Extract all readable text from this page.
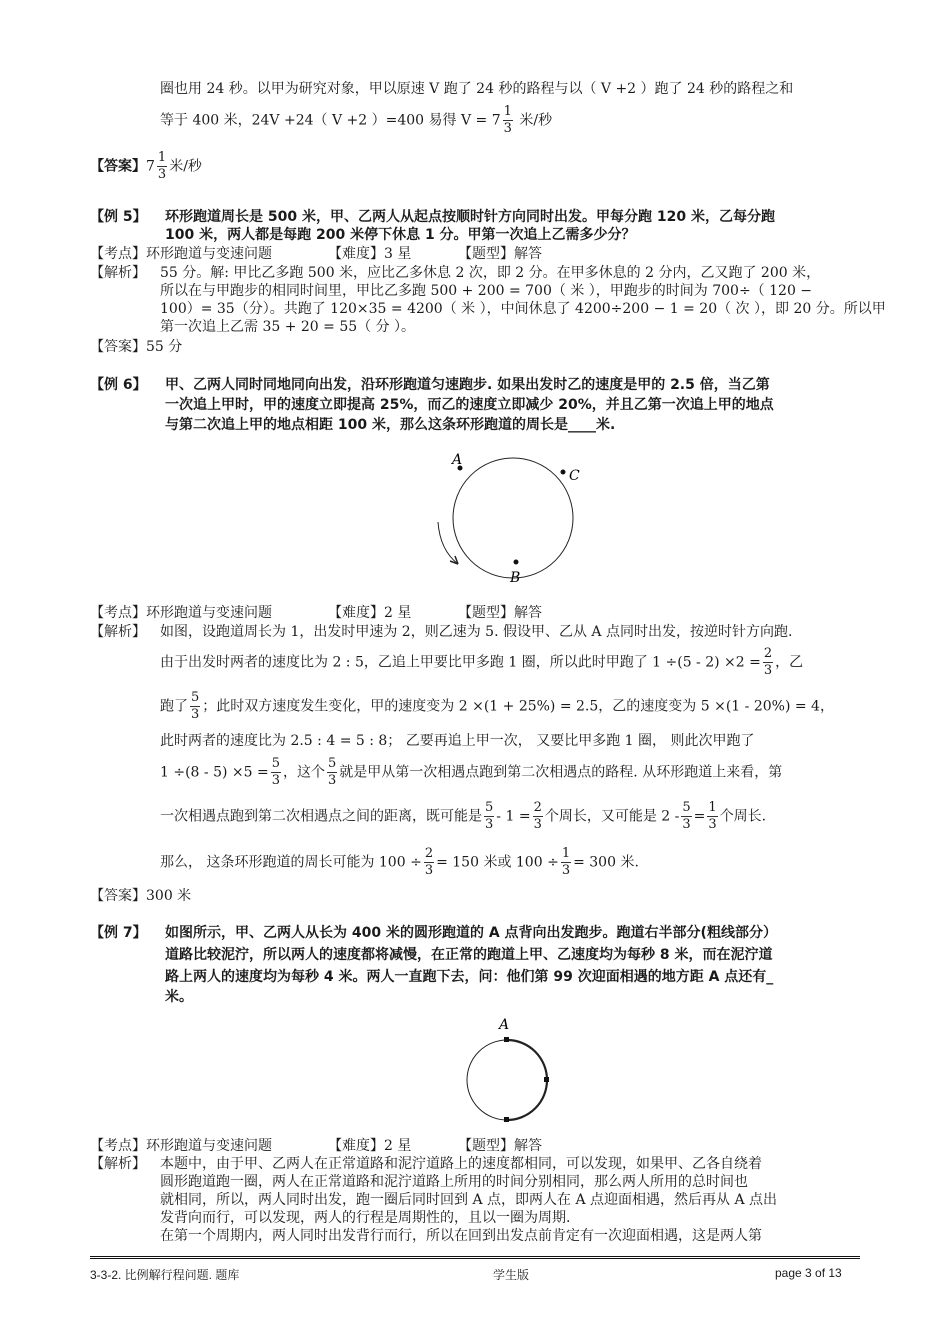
圈也用 24 秒。以甲为研究对象，甲以原速 V 跑了 24 秒的路程与以（ V +2 ）跑了 24 秒的路程之和
等于 400 米，24V +24（ V +2 ）=400 易得 $V = 7 \frac{1}{3}$ 米/秒
【答案】$7 \frac{1}{3}$ 米/秒
【例 5】 环形跑道周长是 500 米，甲、乙两人从起点按顺时针方向同时出发。甲每分跑 120 米，乙每分跑
100 米，两人都是每跑 200 米停下休息 1 分。甲第一次追上乙需多少分？
【考点】环形跑道与变速问题	【难度】3 星	【题型】解答
【解析】 55 分。解: 甲比乙多跑 500 米，应比乙多休息 2 次，即 2 分。在甲多休息的 2 分内，乙又跑了 200 米，
所以在与甲跑步的相同时间里，甲比乙多跑 500 + 200 = 700（ 米 ），甲跑步的时间为 700÷（ 120 −
100）= 35（分）。共跑了 120×35 = 4200（ 米 ），中间休息了 4200÷200 − 1 = 20（ 次 ），即 20 分。所以甲
第一次追上乙需 35 + 20 = 55（ 分 ）。
【答案】55 分
【例 6】 甲、乙两人同时同地同向出发，沿环形跑道匀速跑步. 如果出发时乙的速度是甲的 2.5 倍，当乙第
一次追上甲时，甲的速度立即提高 25%，而乙的速度立即减少 20%，并且乙第一次追上甲的地点
与第二次追上甲的地点相距 100 米，那么这条环形跑道的周长是____米.
A
C
B
【考点】环形跑道与变速问题	【难度】2 星	【题型】解答
【解析】 如图，设跑道周长为 1，出发时甲速为 2，则乙速为 5. 假设甲、乙从 A 点同时出发，按逆时针方向跑.
由于出发时两者的速度比为 2 : 5，乙追上甲要比甲多跑 1 圈，所以此时甲跑了 $1 \div(5 - 2) \times 2 = \frac{2}{3}$ ，乙
跑了 $\frac{5}{3}$ ；此时双方速度发生变化，甲的速度变为 2 ×(1 + 25%) = 2.5，乙的速度变为 5 ×(1 - 20%) = 4，
此时两者的速度比为 2.5 : 4 = 5 : 8； 乙要再追上甲一次， 又要比甲多跑 1 圈， 则此次甲跑了
$1 \div(8 - 5) \times 5 = \frac{5}{3}$ ，这个 $\frac{5}{3}$ 就是甲从第一次相遇点跑到第二次相遇点的路程. 从环形跑道上来看，第
一次相遇点跑到第二次相遇点之间的距离，既可能是 $\frac{5}{3} - 1 = \frac{2}{3}$ 个周长，又可能是 $2 - \frac{5}{3} = \frac{1}{3}$ 个周长.
那么， 这条环形跑道的周长可能为 $100 \div \frac{2}{3} = 150$ 米或 $100 \div \frac{1}{3} = 300$ 米.
【答案】300 米
【例 7】 如图所示，甲、乙两人从长为 400 米的圆形跑道的 A 点背向出发跑步。跑道右半部分(粗线部分）
道路比较泥泞，所以两人的速度都将减慢，在正常的跑道上甲、乙速度均为每秒 8 米，而在泥泞道
路上两人的速度均为每秒 4 米。两人一直跑下去，问：他们第 99 次迎面相遇的地方距 A 点还有_
米。
A
【考点】环形跑道与变速问题	【难度】2 星	【题型】解答
【解析】 本题中，由于甲、乙两人在正常道路和泥泞道路上的速度都相同，可以发现，如果甲、乙各自绕着
圆形跑道跑一圈，两人在正常道路和泥泞道路上所用的时间分别相同，那么两人所用的总时间也
就相同，所以，两人同时出发，跑一圈后同时回到 A 点，即两人在 A 点迎面相遇，然后再从 A 点出
发背向而行，可以发现，两人的行程是周期性的，且以一圈为周期.
在第一个周期内，两人同时出发背行而行，所以在回到出发点前肯定有一次迎面相遇，这是两人第
3-3-2. 比例解行程问题. 题库	学生版	page 3 of 13
